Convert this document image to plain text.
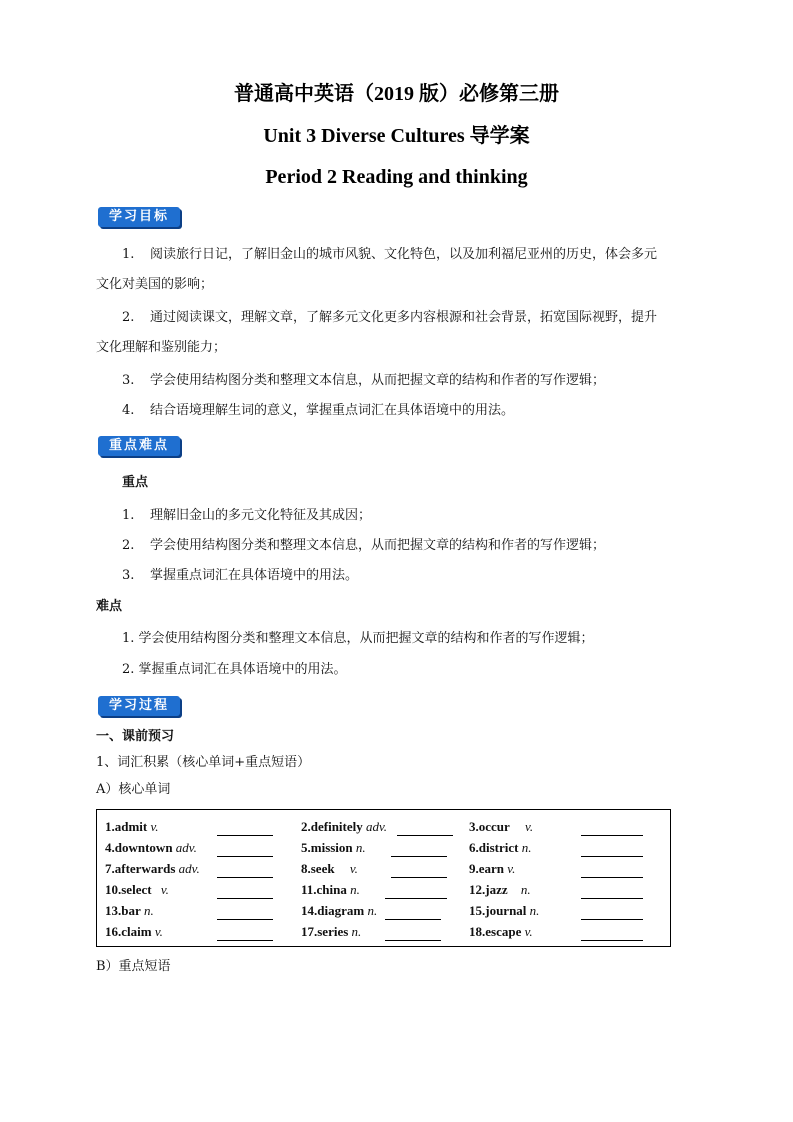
普通高中英语（2019 版）必修第三册
Unit 3 Diverse Cultures 导学案
Period 2 Reading and thinking
学习目标
1. 阅读旅行日记，了解旧金山的城市风貌、文化特色，以及加利福尼亚州的历史，体会多元
文化对美国的影响；
2. 通过阅读课文，理解文章，了解多元文化更多内容根源和社会背景，拓宽国际视野，提升
文化理解和鉴别能力；
3. 学会使用结构图分类和整理文本信息，从而把握文章的结构和作者的写作逻辑；
4. 结合语境理解生词的意义，掌握重点词汇在具体语境中的用法。
重点难点
重点
1. 理解旧金山的多元文化特征及其成因；
2. 学会使用结构图分类和整理文本信息，从而把握文章的结构和作者的写作逻辑；
3. 掌握重点词汇在具体语境中的用法。
难点
1. 学会使用结构图分类和整理文本信息，从而把握文章的结构和作者的写作逻辑；
2. 掌握重点词汇在具体语境中的用法。
学习过程
一、课前预习
1、词汇积累（核心单词+重点短语）
A）核心单词
1.admit v.	2.definitely adv.	3.occur v.
4.downtown adv.	5.mission n.	6.district n.
7.afterwards adv.	8.seek v.	9.earn v.
10.select v.	11.china n.	12.jazz n.
13.bar n.	14.diagram n.	15.journal n.
16.claim v.	17.series n.	18.escape v.
B）重点短语
